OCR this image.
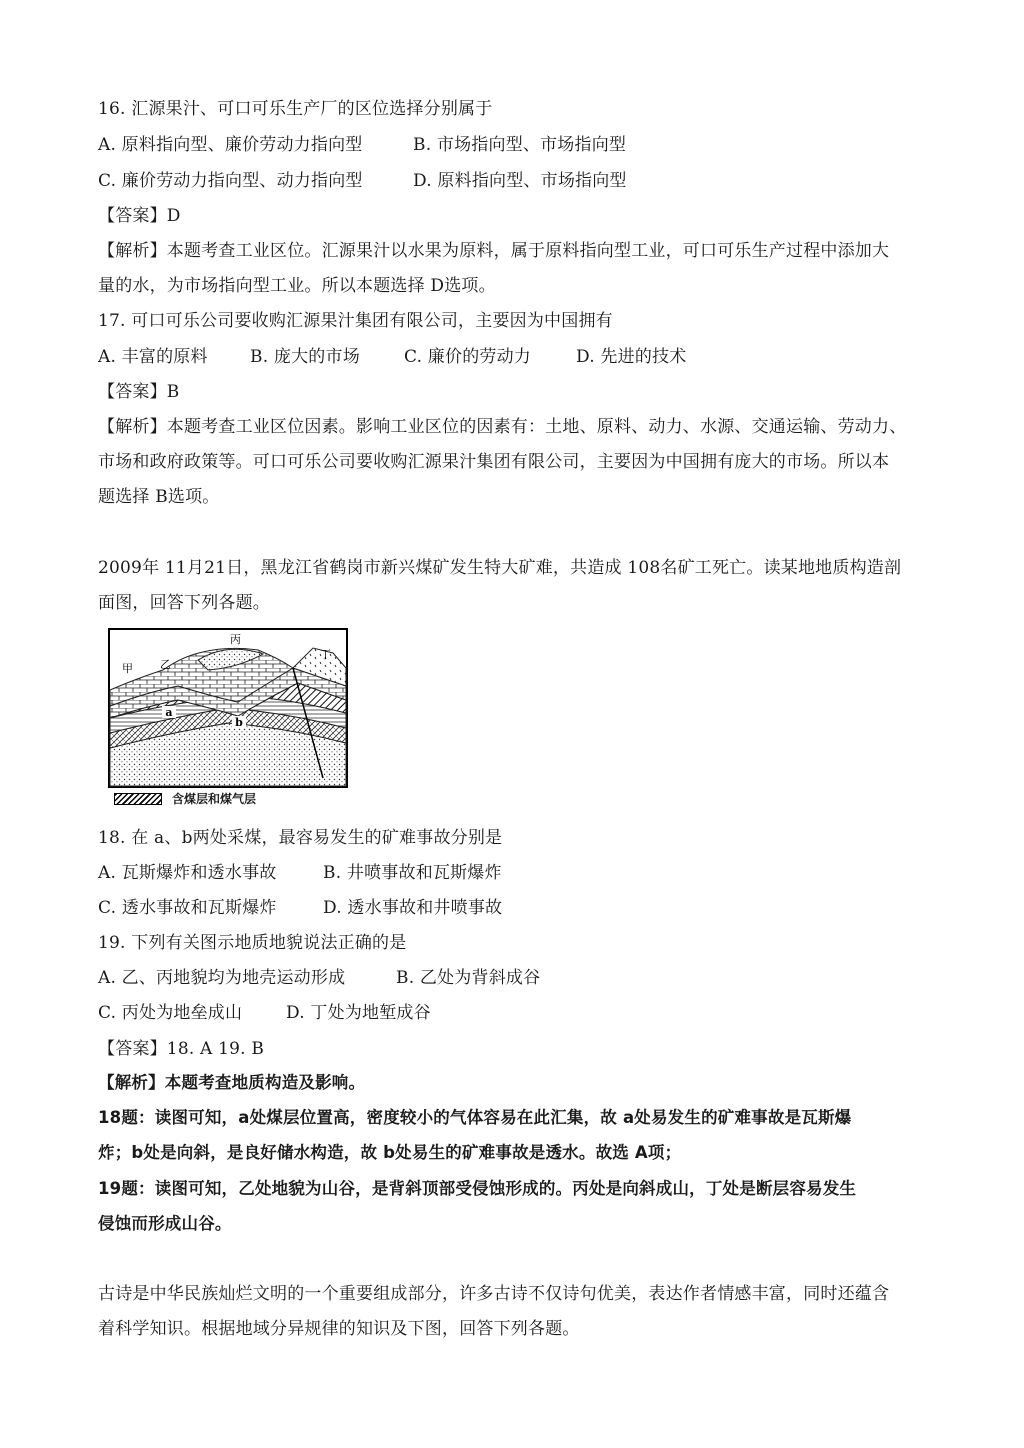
16. 汇源果汁、可口可乐生产厂的区位选择分别属于
A. 原料指向型、廉价劳动力指向型	B. 市场指向型、市场指向型
C. 廉价劳动力指向型、动力指向型	D. 原料指向型、市场指向型
【答案】D
【解析】本题考查工业区位。汇源果汁以水果为原料，属于原料指向型工业，可口可乐生产过程中添加大
量的水，为市场指向型工业。所以本题选择 D选项。
17. 可口可乐公司要收购汇源果汁集团有限公司，主要因为中国拥有
A. 丰富的原料 B. 庞大的市场	C. 廉价的劳动力	D. 先进的技术
【答案】B
【解析】本题考查工业区位因素。影响工业区位的因素有：土地、原料、动力、水源、交通运输、劳动力、
市场和政府政策等。可口可乐公司要收购汇源果汁集团有限公司，主要因为中国拥有庞大的市场。所以本
题选择 B选项。
2009年 11月21日，黑龙江省鹤岗市新兴煤矿发生特大矿难，共造成 108名矿工死亡。读某地地质构造剖
面图，回答下列各题。
a
b
甲 乙
丙
丁
含煤层和煤气层
18. 在 a、b两处采煤，最容易发生的矿难事故分别是
A. 瓦斯爆炸和透水事故	B. 井喷事故和瓦斯爆炸
C. 透水事故和瓦斯爆炸	D. 透水事故和井喷事故
19. 下列有关图示地质地貌说法正确的是
A. 乙、丙地貌均为地壳运动形成	B. 乙处为背斜成谷
C. 丙处为地垒成山	D. 丁处为地堑成谷
【答案】18. A 19. B
【解析】本题考查地质构造及影响。
18题：读图可知，a处煤层位置高，密度较小的气体容易在此汇集，故 a处易发生的矿难事故是瓦斯爆
炸；b处是向斜，是良好储水构造，故 b处易生的矿难事故是透水。故选 A项；
19题：读图可知，乙处地貌为山谷，是背斜顶部受侵蚀形成的。丙处是向斜成山，丁处是断层容易发生
侵蚀而形成山谷。
古诗是中华民族灿烂文明的一个重要组成部分，许多古诗不仅诗句优美，表达作者情感丰富，同时还蕴含
着科学知识。根据地域分异规律的知识及下图，回答下列各题。
